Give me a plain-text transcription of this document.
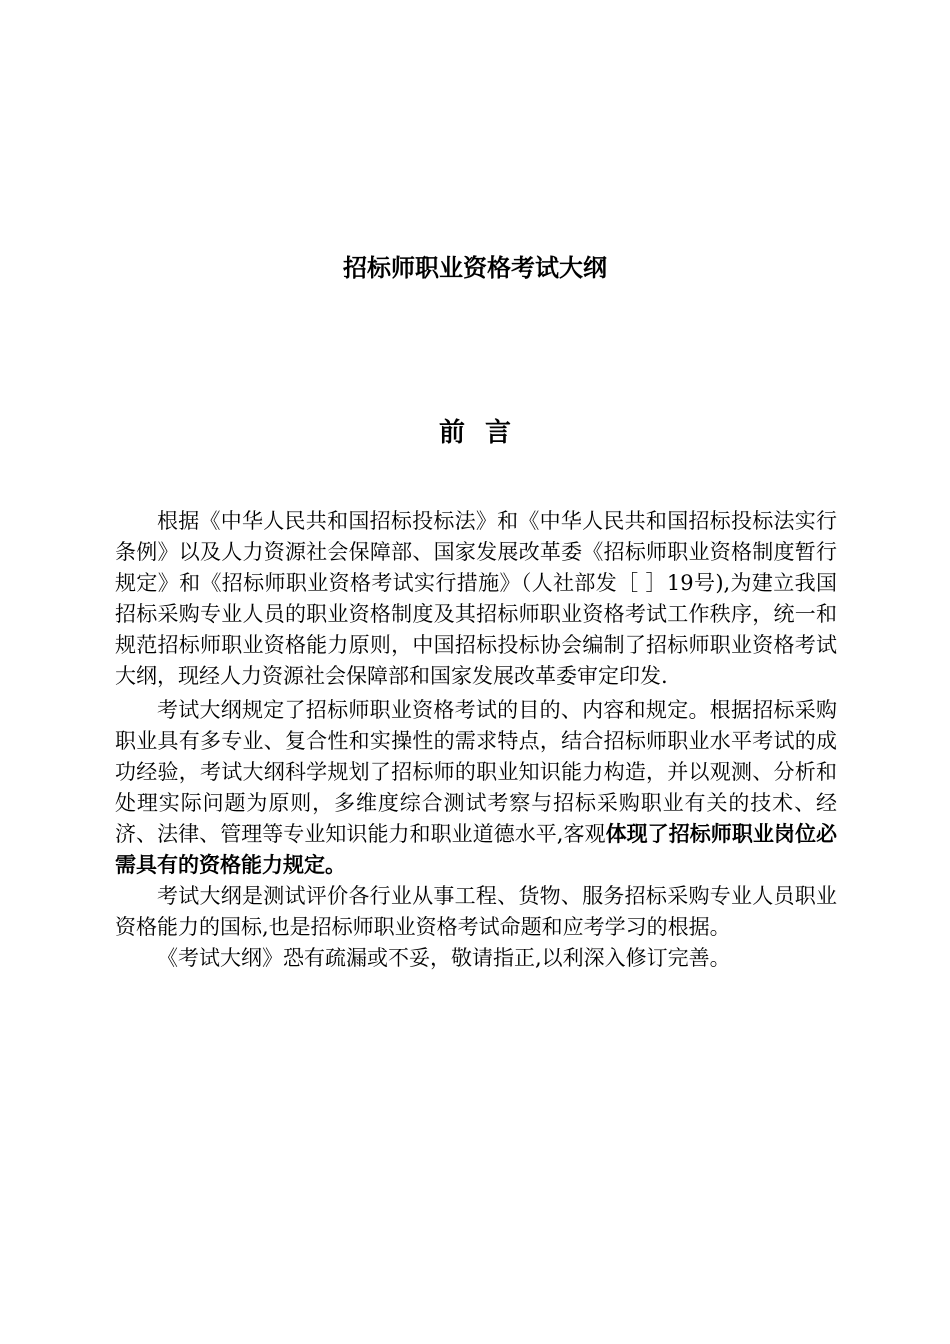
招标师职业资格考试大纲
前言

根据《中华人民共和国招标投标法》和《中华人民共和国招标投标法实行条例》以及人力资源社会保障部、国家发展改革委《招标师职业资格制度暂行规定》和《招标师职业资格考试实行措施》（人社部发［ ］19号),为建立我国招标采购专业人员的职业资格制度及其招标师职业资格考试工作秩序，统一和规范招标师职业资格能力原则，中国招标投标协会编制了招标师职业资格考试大纲，现经人力资源社会保障部和国家发展改革委审定印发.

考试大纲规定了招标师职业资格考试的目的、内容和规定。根据招标采购职业具有多专业、复合性和实操性的需求特点，结合招标师职业水平考试的成功经验，考试大纲科学规划了招标师的职业知识能力构造，并以观测、分析和处理实际问题为原则，多维度综合测试考察与招标采购职业有关的技术、经济、法律、管理等专业知识能力和职业道德水平,客观体现了招标师职业岗位必需具有的资格能力规定。

考试大纲是测试评价各行业从事工程、货物、服务招标采购专业人员职业资格能力的国标,也是招标师职业资格考试命题和应考学习的根据。

《考试大纲》恐有疏漏或不妥，敬请指正,以利深入修订完善。
